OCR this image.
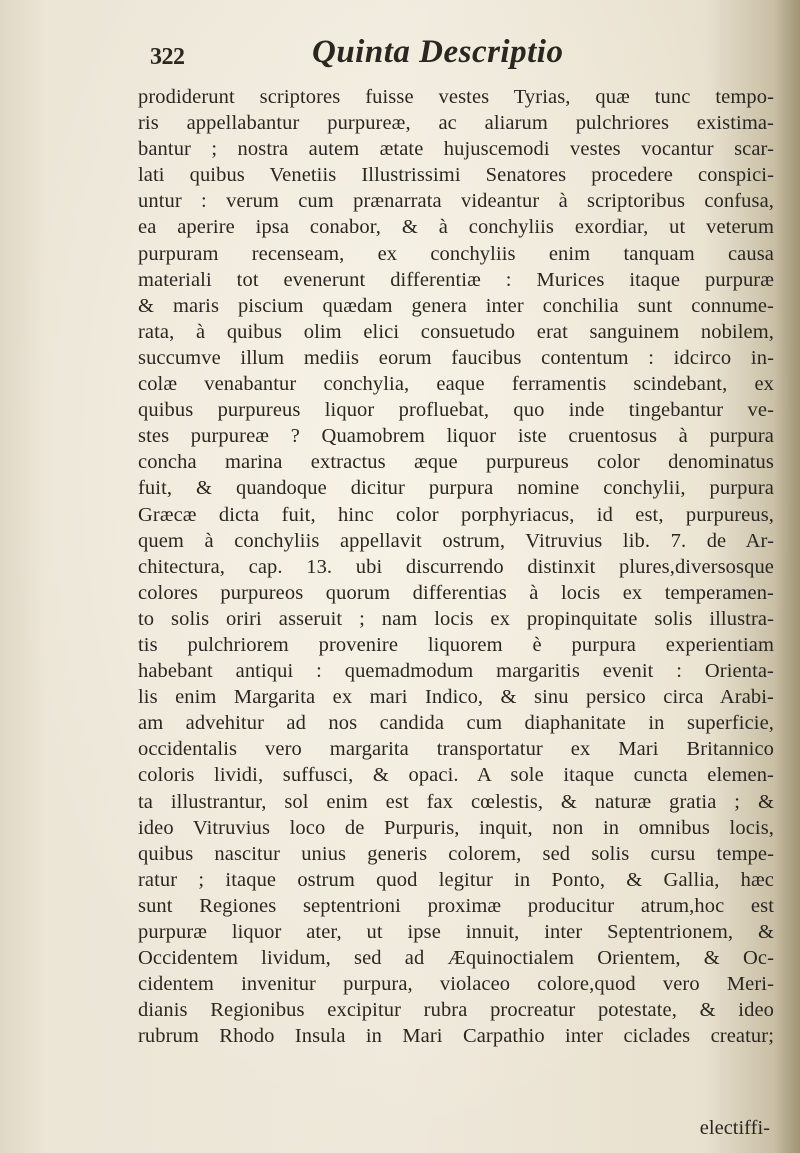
322	Quinta Descriptio
prodiderunt scriptores fuisse vestes Tyrias, quæ tunc tempo-
ris appellabantur purpureæ, ac aliarum pulchriores existima-
bantur ; nostra autem ætate hujuscemodi vestes vocantur scar-
lati quibus Venetiis Illustrissimi Senatores procedere conspici-
untur : verum cum prænarrata videantur à scriptoribus confusa,
ea aperire ipsa conabor, & à conchyliis exordiar, ut veterum
purpuram recenseam, ex conchyliis enim tanquam causa
materiali tot evenerunt differentiæ : Murices itaque purpuræ
& maris piscium quædam genera inter conchilia sunt connume-
rata, à quibus olim elici consuetudo erat sanguinem nobilem,
succumve illum mediis eorum faucibus contentum : idcirco in-
colæ venabantur conchylia, eaque ferramentis scindebant, ex
quibus purpureus liquor profluebat, quo inde tingebantur ve-
stes purpureæ ? Quamobrem liquor iste cruentosus à purpura
concha marina extractus æque purpureus color denominatus
fuit, & quandoque dicitur purpura nomine conchylii, purpura
Græcæ dicta fuit, hinc color porphyriacus, id est, purpureus,
quem à conchyliis appellavit ostrum, Vitruvius lib. 7. de Ar-
chitectura, cap. 13. ubi discurrendo distinxit plures,diversosque
colores purpureos quorum differentias à locis ex temperamen-
to solis oriri asseruit ; nam locis ex propinquitate solis illustra-
tis pulchriorem provenire liquorem è purpura experientiam
habebant antiqui : quemadmodum margaritis evenit : Orienta-
lis enim Margarita ex mari Indico, & sinu persico circa Arabi-
am advehitur ad nos candida cum diaphanitate in superficie,
occidentalis vero margarita transportatur ex Mari Britannico
coloris lividi, suffusci, & opaci. A sole itaque cuncta elemen-
ta illustrantur, sol enim est fax cœlestis, & naturæ gratia ; &
ideo Vitruvius loco de Purpuris, inquit, non in omnibus locis,
quibus nascitur unius generis colorem, sed solis cursu tempe-
ratur ; itaque ostrum quod legitur in Ponto, & Gallia, hæc
sunt Regiones septentrioni proximæ producitur atrum,hoc est
purpuræ liquor ater, ut ipse innuit, inter Septentrionem, &
Occidentem lividum, sed ad Æquinoctialem Orientem, & Oc-
cidentem invenitur purpura, violaceo colore,quod vero Meri-
dianis Regionibus excipitur rubra procreatur potestate, & ideo
rubrum Rhodo Insula in Mari Carpathio inter ciclades creatur;
electiffi-
